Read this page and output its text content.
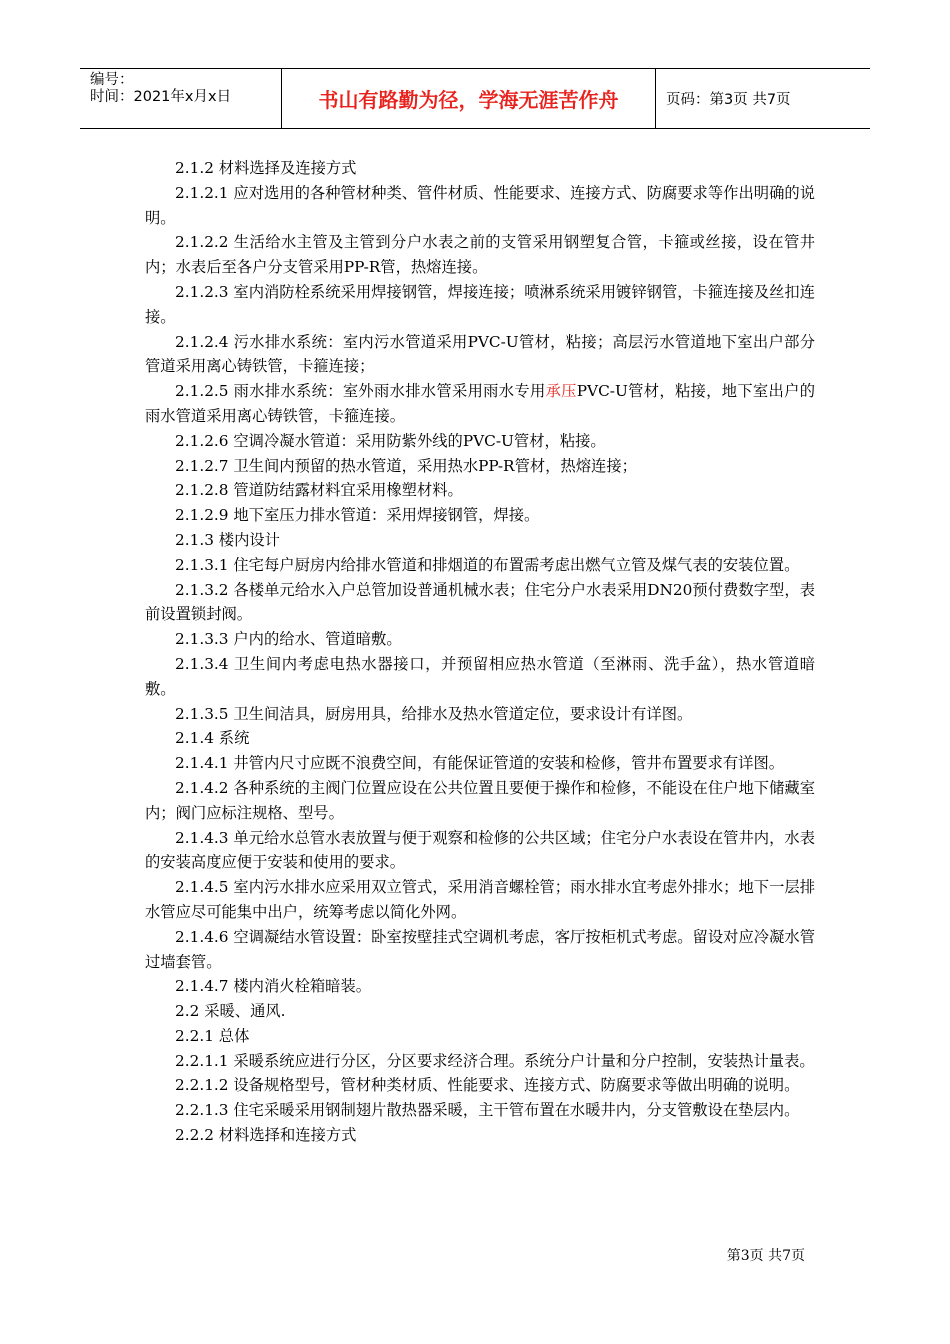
编号：
时间：2021年x月x日	书山有路勤为径，学海无涯苦作舟	页码：第3页 共7页

2.1.2 材料选择及连接方式

2.1.2.1 应对选用的各种管材种类、管件材质、性能要求、连接方式、防腐要求等作出明确的说明。

2.1.2.2 生活给水主管及主管到分户水表之前的支管采用钢塑复合管，卡箍或丝接，设在管井内；水表后至各户分支管采用PP-R管，热熔连接。

2.1.2.3 室内消防栓系统采用焊接钢管，焊接连接；喷淋系统采用镀锌钢管，卡箍连接及丝扣连接。

2.1.2.4 污水排水系统：室内污水管道采用PVC-U管材，粘接；高层污水管道地下室出户部分管道采用离心铸铁管，卡箍连接；

2.1.2.5 雨水排水系统：室外雨水排水管采用雨水专用承压PVC-U管材，粘接，地下室出户的雨水管道采用离心铸铁管，卡箍连接。

2.1.2.6 空调冷凝水管道：采用防紫外线的PVC-U管材，粘接。

2.1.2.7 卫生间内预留的热水管道，采用热水PP-R管材，热熔连接；

2.1.2.8 管道防结露材料宜采用橡塑材料。

2.1.2.9 地下室压力排水管道：采用焊接钢管，焊接。

2.1.3 楼内设计

2.1.3.1 住宅每户厨房内给排水管道和排烟道的布置需考虑出燃气立管及煤气表的安装位置。

2.1.3.2 各楼单元给水入户总管加设普通机械水表；住宅分户水表采用DN20预付费数字型，表前设置锁封阀。

2.1.3.3 户内的给水、管道暗敷。

2.1.3.4 卫生间内考虑电热水器接口，并预留相应热水管道（至淋雨、洗手盆），热水管道暗敷。

2.1.3.5 卫生间洁具，厨房用具，给排水及热水管道定位，要求设计有详图。

2.1.4 系统

2.1.4.1 井管内尺寸应既不浪费空间，有能保证管道的安装和检修，管井布置要求有详图。

2.1.4.2 各种系统的主阀门位置应设在公共位置且要便于操作和检修，不能设在住户地下储藏室内；阀门应标注规格、型号。

2.1.4.3 单元给水总管水表放置与便于观察和检修的公共区域；住宅分户水表设在管井内，水表的安装高度应便于安装和使用的要求。

2.1.4.5 室内污水排水应采用双立管式，采用消音螺栓管；雨水排水宜考虑外排水；地下一层排水管应尽可能集中出户，统筹考虑以简化外网。

2.1.4.6 空调凝结水管设置：卧室按壁挂式空调机考虑，客厅按柜机式考虑。留设对应冷凝水管过墙套管。

2.1.4.7 楼内消火栓箱暗装。

2.2 采暖、通风.

2.2.1 总体

2.2.1.1 采暖系统应进行分区，分区要求经济合理。系统分户计量和分户控制，安装热计量表。

2.2.1.2 设备规格型号，管材种类材质、性能要求、连接方式、防腐要求等做出明确的说明。

2.2.1.3 住宅采暖采用钢制翅片散热器采暖，主干管布置在水暖井内，分支管敷设在垫层内。

2.2.2 材料选择和连接方式

第3页 共7页
